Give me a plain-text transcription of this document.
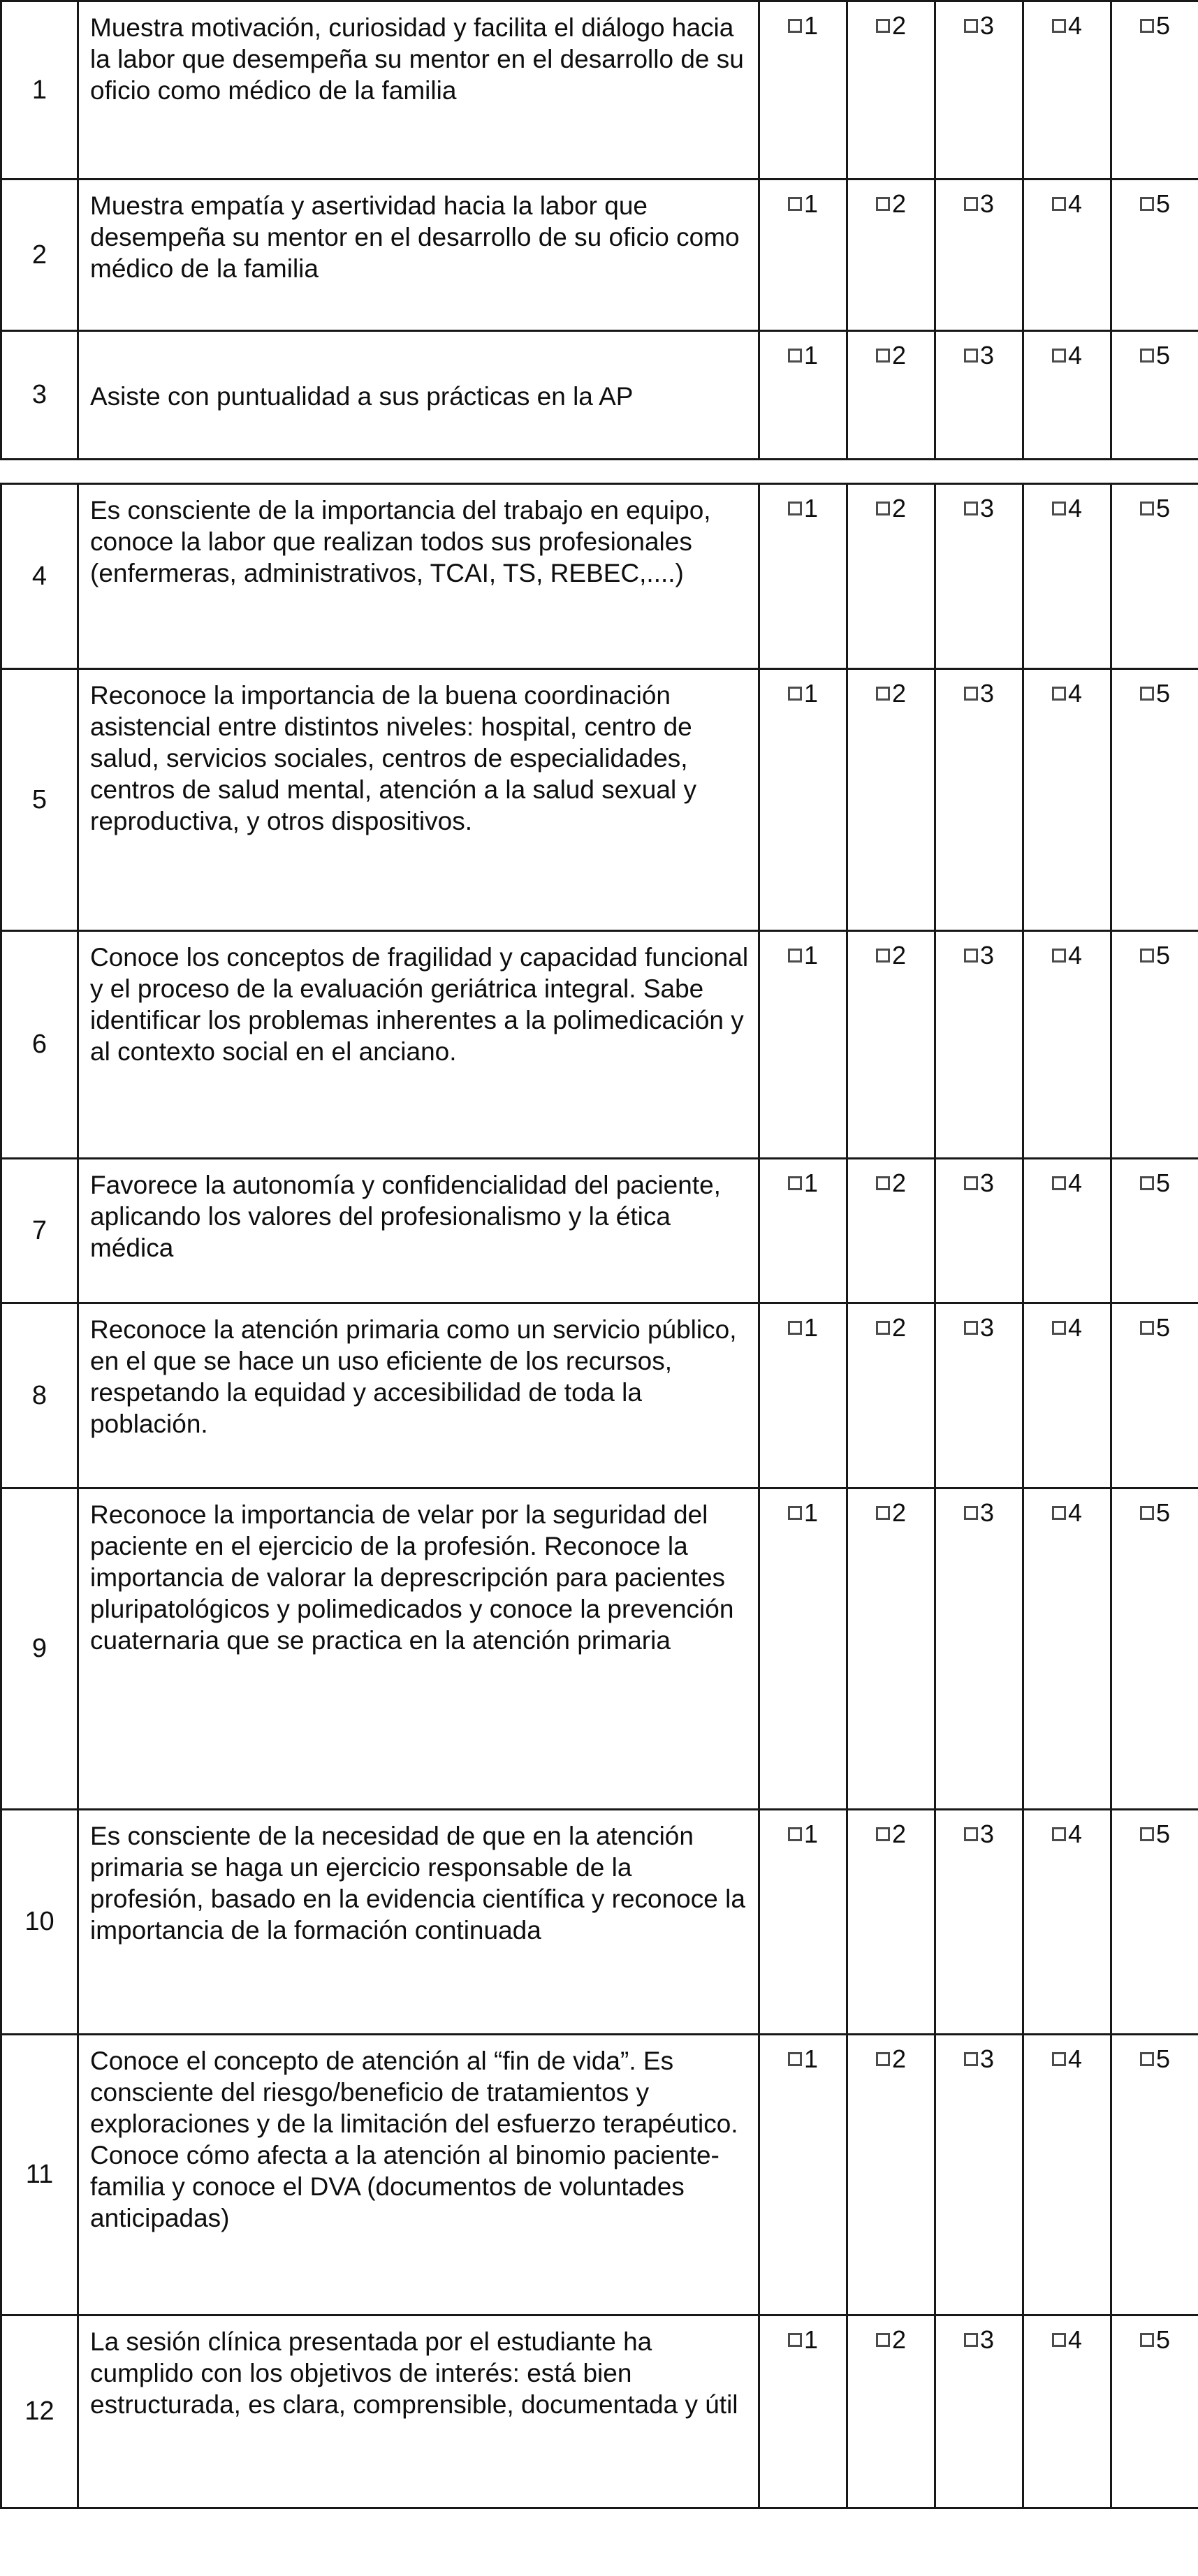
1	Muestra motivación, curiosidad y facilita el diálogo hacia la labor que desempeña su mentor en el desarrollo de su oficio como médico de la familia	1	2	3	4	5

2	Muestra empatía y asertividad hacia la labor que desempeña su mentor en el desarrollo de su oficio como médico de la familia	1	2	3	4	5

3	Asiste con puntualidad a sus prácticas en la AP	1	2	3	4	5
4	Es consciente de la importancia del trabajo en equipo, conoce la labor que realizan todos sus profesionales (enfermeras, administrativos, TCAI, TS, REBEC,....)	1	2	3	4	5

5	Reconoce la importancia de la buena coordinación asistencial entre distintos niveles: hospital, centro de salud, servicios sociales, centros de especialidades, centros de salud mental, atención a la salud sexual y reproductiva, y otros dispositivos.	1	2	3	4	5

6	Conoce los conceptos de fragilidad y capacidad funcional y el proceso de la evaluación geriátrica integral. Sabe identificar los problemas inherentes a la polimedicación y al contexto social en el anciano.	1	2	3	4	5

7	Favorece la autonomía y confidencialidad del paciente, aplicando los valores del profesionalismo y la ética médica	1	2	3	4	5

8	Reconoce la atención primaria como un servicio público, en el que se hace un uso eficiente de los recursos, respetando la equidad y accesibilidad de toda la población.	1	2	3	4	5

9	Reconoce la importancia de velar por la seguridad del paciente en el ejercicio de la profesión. Reconoce la importancia de valorar la deprescripción para pacientes pluripatológicos y polimedicados y conoce la prevención cuaternaria que se practica en la atención primaria	1	2	3	4	5

10	Es consciente de la necesidad de que en la atención primaria se haga un ejercicio responsable de la profesión, basado en la evidencia científica y reconoce la importancia de la formación continuada	1	2	3	4	5

11	Conoce el concepto de atención al “fin de vida”. Es consciente del riesgo/beneficio de tratamientos y exploraciones y de la limitación del esfuerzo terapéutico. Conoce cómo afecta a la atención al binomio paciente-familia y conoce el DVA (documentos de voluntades anticipadas)	1	2	3	4	5

12	La sesión clínica presentada por el estudiante ha cumplido con los objetivos de interés: está bien estructurada, es clara, comprensible, documentada y útil	1	2	3	4	5
